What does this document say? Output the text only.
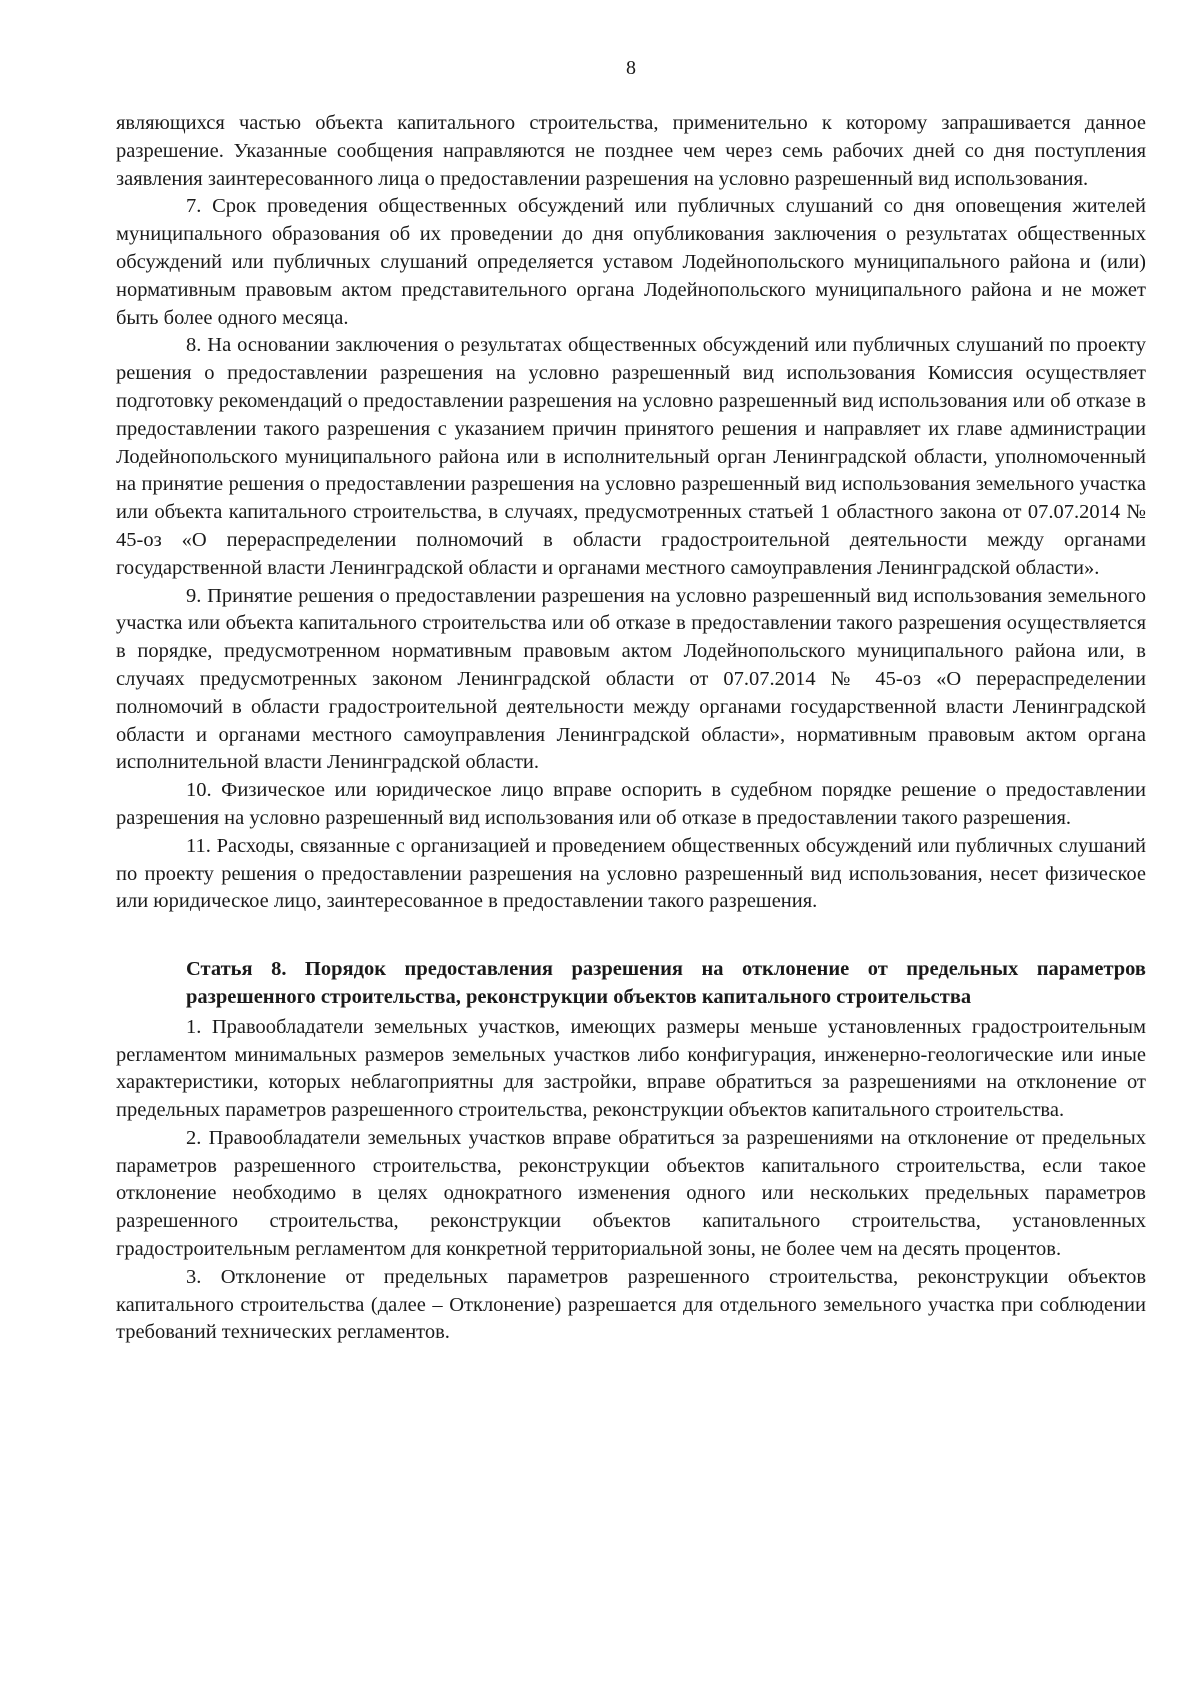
8

являющихся частью объекта капитального строительства, применительно к которому запрашивается данное разрешение. Указанные сообщения направляются не позднее чем через семь рабочих дней со дня поступления заявления заинтересованного лица о предоставлении разрешения на условно разрешенный вид использования.

7. Срок проведения общественных обсуждений или публичных слушаний со дня оповещения жителей муниципального образования об их проведении до дня опубликования заключения о результатах общественных обсуждений или публичных слушаний определяется уставом Лодейнопольского муниципального района и (или) нормативным правовым актом представительного органа Лодейнопольского муниципального района и не может быть более одного месяца.

8. На основании заключения о результатах общественных обсуждений или публичных слушаний по проекту решения о предоставлении разрешения на условно разрешенный вид использования Комиссия осуществляет подготовку рекомендаций о предоставлении разрешения на условно разрешенный вид использования или об отказе в предоставлении такого разрешения с указанием причин принятого решения и направляет их главе администрации Лодейнопольского муниципального района или в исполнительный орган Ленинградской области, уполномоченный на принятие решения о предоставлении разрешения на условно разрешенный вид использования земельного участка или объекта капитального строительства, в случаях, предусмотренных статьей 1 областного закона от 07.07.2014 № 45-оз «О перераспределении полномочий в области градостроительной деятельности между органами государственной власти Ленинградской области и органами местного самоуправления Ленинградской области».

9. Принятие решения о предоставлении разрешения на условно разрешенный вид использования земельного участка или объекта капитального строительства или об отказе в предоставлении такого разрешения осуществляется в порядке, предусмотренном нормативным правовым актом Лодейнопольского муниципального района или, в случаях предусмотренных законом Ленинградской области от 07.07.2014 № 45-оз «О перераспределении полномочий в области градостроительной деятельности между органами государственной власти Ленинградской области и органами местного самоуправления Ленинградской области», нормативным правовым актом органа исполнительной власти Ленинградской области.

10. Физическое или юридическое лицо вправе оспорить в судебном порядке решение о предоставлении разрешения на условно разрешенный вид использования или об отказе в предоставлении такого разрешения.

11. Расходы, связанные с организацией и проведением общественных обсуждений или публичных слушаний по проекту решения о предоставлении разрешения на условно разрешенный вид использования, несет физическое или юридическое лицо, заинтересованное в предоставлении такого разрешения.

Статья 8. Порядок предоставления разрешения на отклонение от предельных параметров разрешенного строительства, реконструкции объектов капитального строительства

1. Правообладатели земельных участков, имеющих размеры меньше установленных градостроительным регламентом минимальных размеров земельных участков либо конфигурация, инженерно-геологические или иные характеристики, которых неблагоприятны для застройки, вправе обратиться за разрешениями на отклонение от предельных параметров разрешенного строительства, реконструкции объектов капитального строительства.

2. Правообладатели земельных участков вправе обратиться за разрешениями на отклонение от предельных параметров разрешенного строительства, реконструкции объектов капитального строительства, если такое отклонение необходимо в целях однократного изменения одного или нескольких предельных параметров разрешенного строительства, реконструкции объектов капитального строительства, установленных градостроительным регламентом для конкретной территориальной зоны, не более чем на десять процентов.

3. Отклонение от предельных параметров разрешенного строительства, реконструкции объектов капитального строительства (далее – Отклонение) разрешается для отдельного земельного участка при соблюдении требований технических регламентов.
